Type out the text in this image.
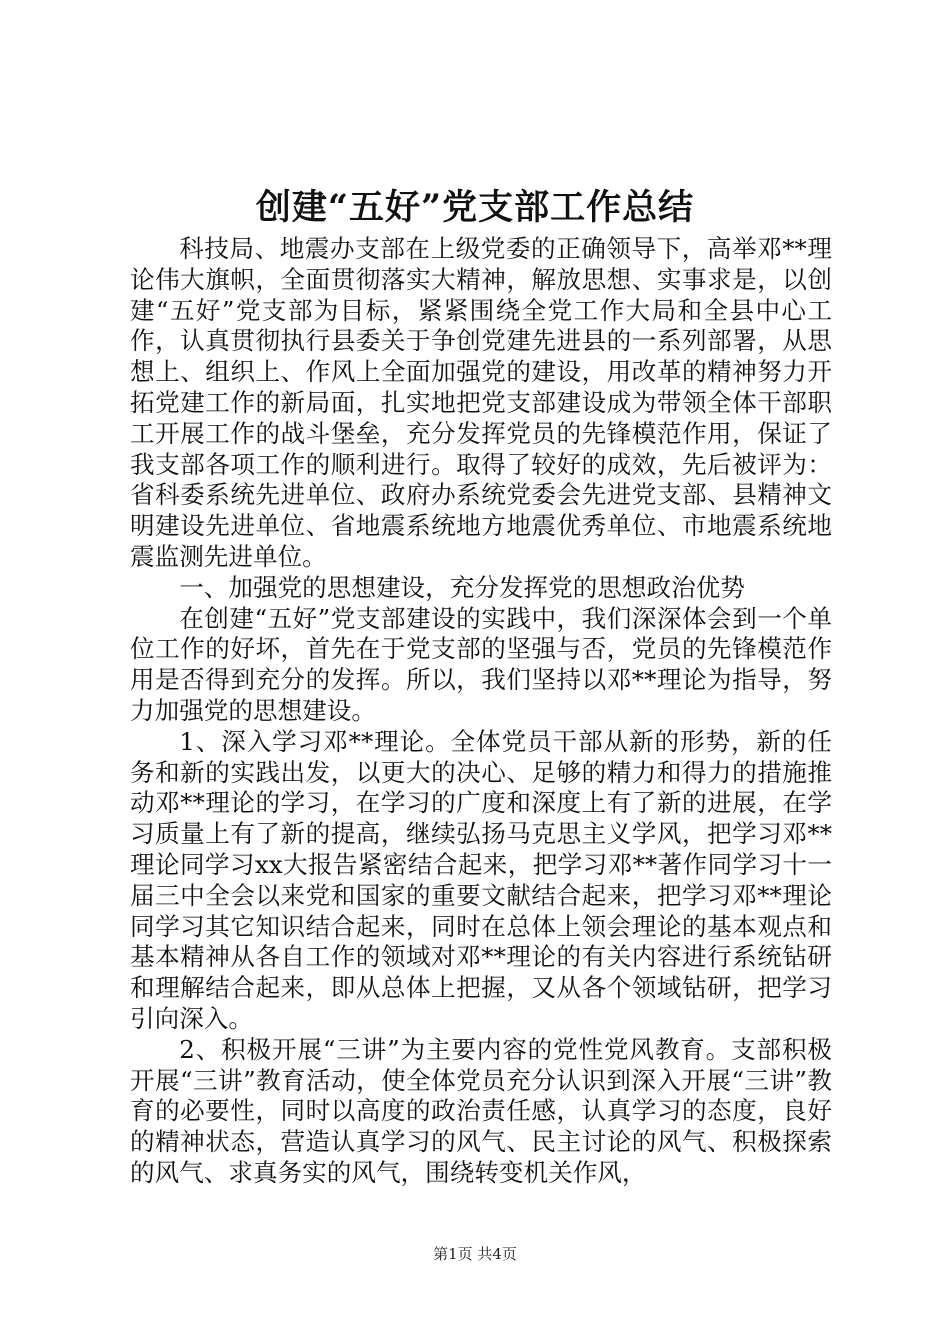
创建“五好”党支部工作总结

科技局、地震办支部在上级党委的正确领导下，高举邓**理论伟大旗帜，全面贯彻落实大精神，解放思想、实事求是，以创建“五好”党支部为目标，紧紧围绕全党工作大局和全县中心工作，认真贯彻执行县委关于争创党建先进县的一系列部署，从思想上、组织上、作风上全面加强党的建设，用改革的精神努力开拓党建工作的新局面，扎实地把党支部建设成为带领全体干部职工开展工作的战斗堡垒，充分发挥党员的先锋模范作用，保证了我支部各项工作的顺利进行。取得了较好的成效，先后被评为：省科委系统先进单位、政府办系统党委会先进党支部、县精神文明建设先进单位、省地震系统地方地震优秀单位、市地震系统地震监测先进单位。

一、加强党的思想建设，充分发挥党的思想政治优势

在创建“五好”党支部建设的实践中，我们深深体会到一个单位工作的好坏，首先在于党支部的坚强与否，党员的先锋模范作用是否得到充分的发挥。所以，我们坚持以邓**理论为指导，努力加强党的思想建设。

1、深入学习邓**理论。全体党员干部从新的形势，新的任务和新的实践出发，以更大的决心、足够的精力和得力的措施推动邓**理论的学习，在学习的广度和深度上有了新的进展，在学习质量上有了新的提高，继续弘扬马克思主义学风，把学习邓**理论同学习xx大报告紧密结合起来，把学习邓**著作同学习十一届三中全会以来党和国家的重要文献结合起来，把学习邓**理论同学习其它知识结合起来，同时在总体上领会理论的基本观点和基本精神从各自工作的领域对邓**理论的有关内容进行系统钻研和理解结合起来，即从总体上把握，又从各个领域钻研，把学习引向深入。

2、积极开展“三讲”为主要内容的党性党风教育。支部积极开展“三讲”教育活动，使全体党员充分认识到深入开展“三讲”教育的必要性，同时以高度的政治责任感，认真学习的态度，良好的精神状态，营造认真学习的风气、民主讨论的风气、积极探索的风气、求真务实的风气，围绕转变机关作风，

第1页 共4页
